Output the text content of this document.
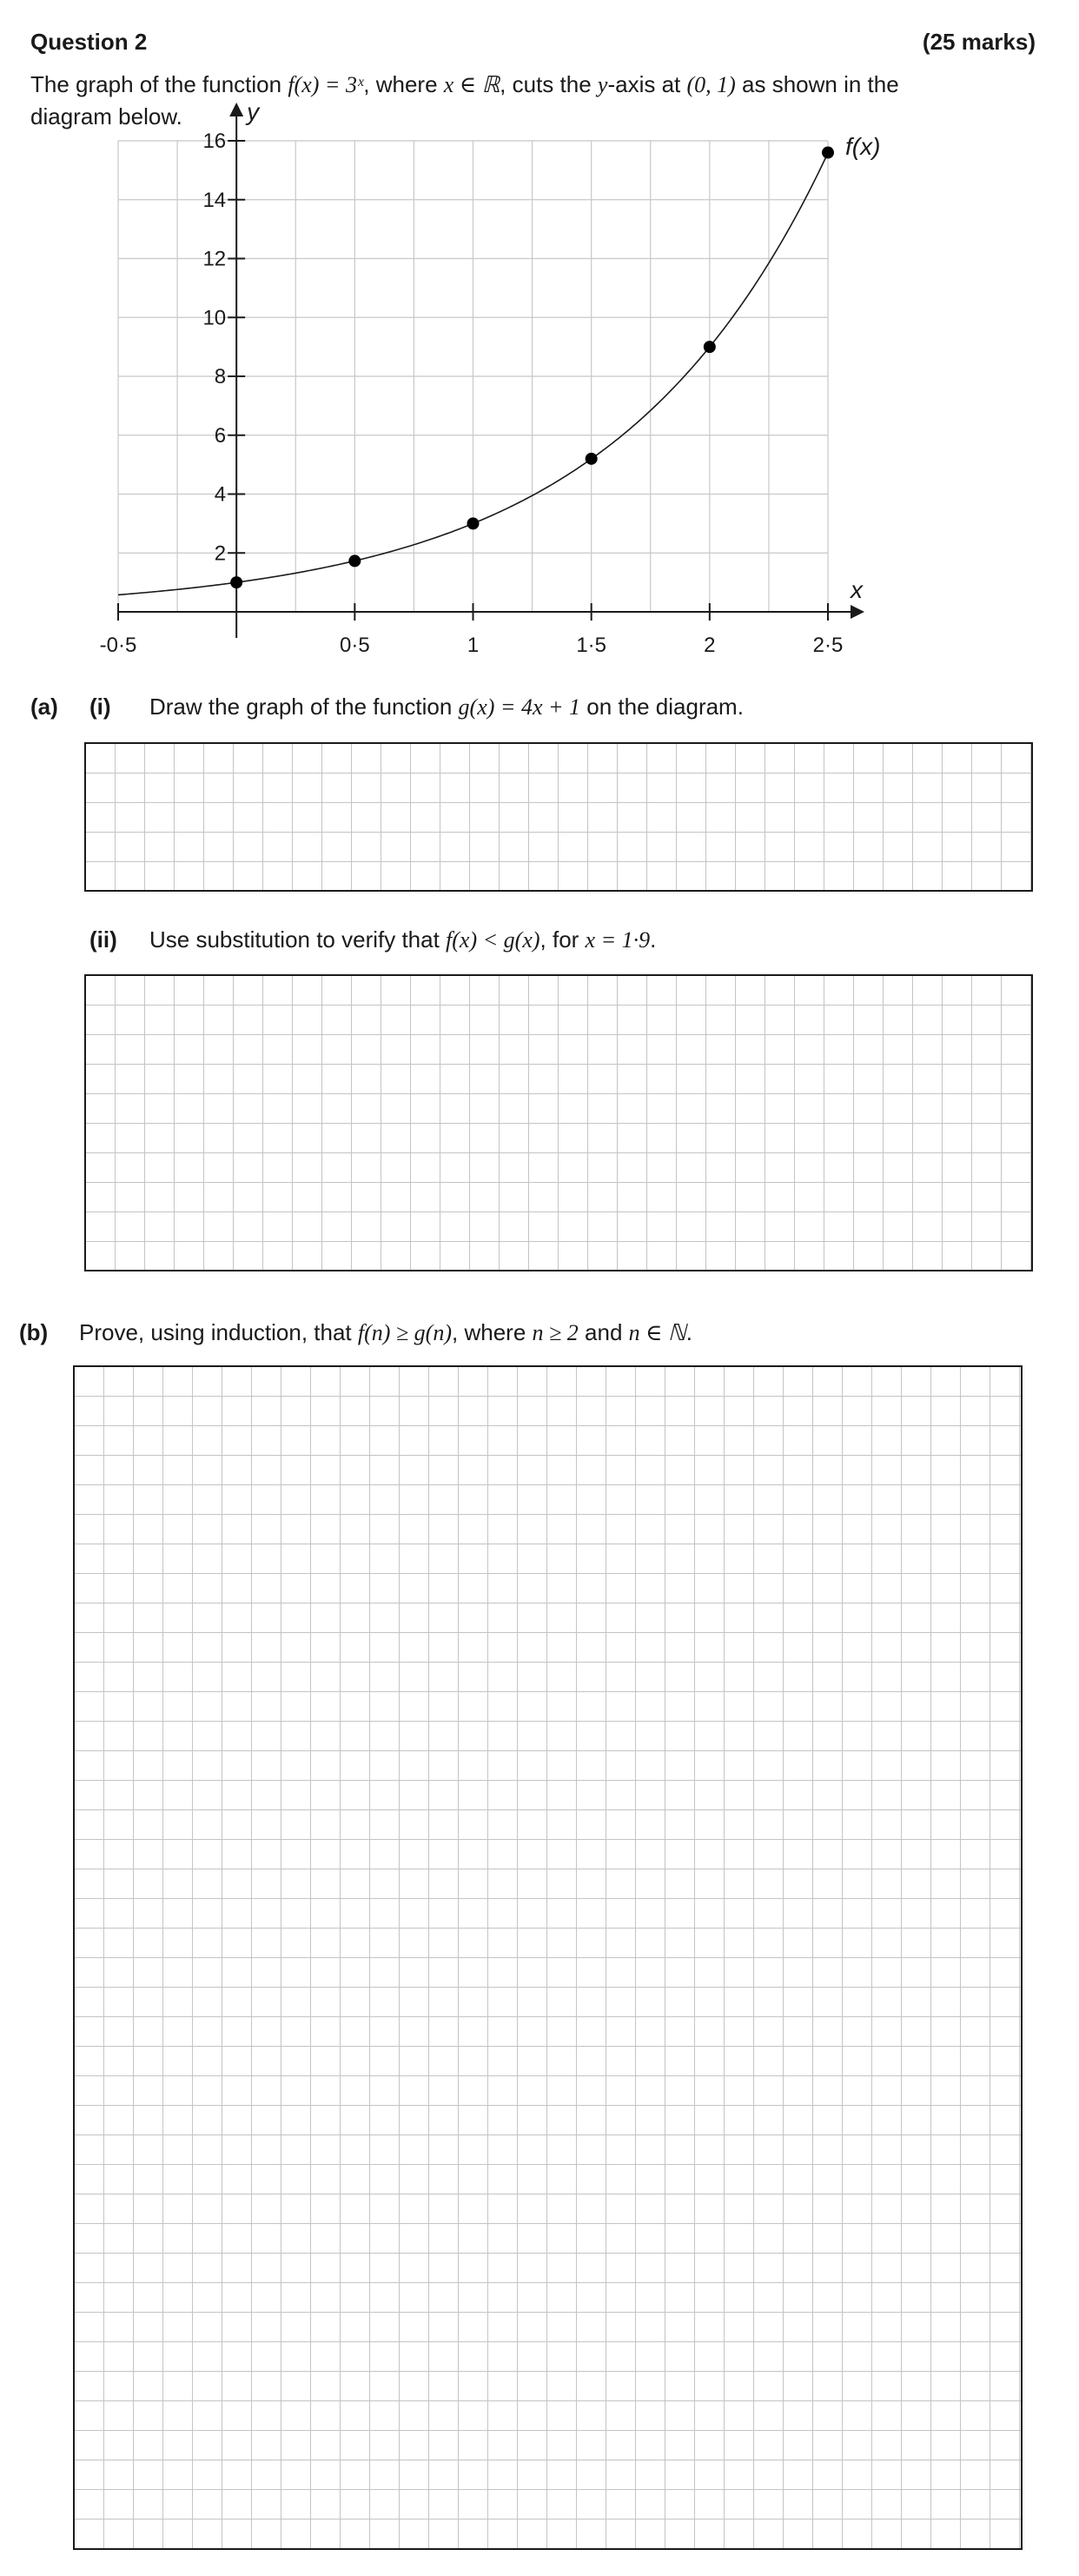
Question 2	(25 marks)
The graph of the function f(x) = 3ˣ, where x ∈ ℝ, cuts the y-axis at (0, 1) as shown in the
diagram below.
-0·5	0·5	1	1·5	2	2·5
2
4
6
8
10
12
14
16
x
y
f(x)
(a) (i) Draw the graph of the function g(x) = 4x + 1 on the diagram.
(ii) Use substitution to verify that f(x) < g(x), for x = 1·9.
(b) Prove, using induction, that f(n) ≥ g(n), where n ≥ 2 and n ∈ ℕ.
